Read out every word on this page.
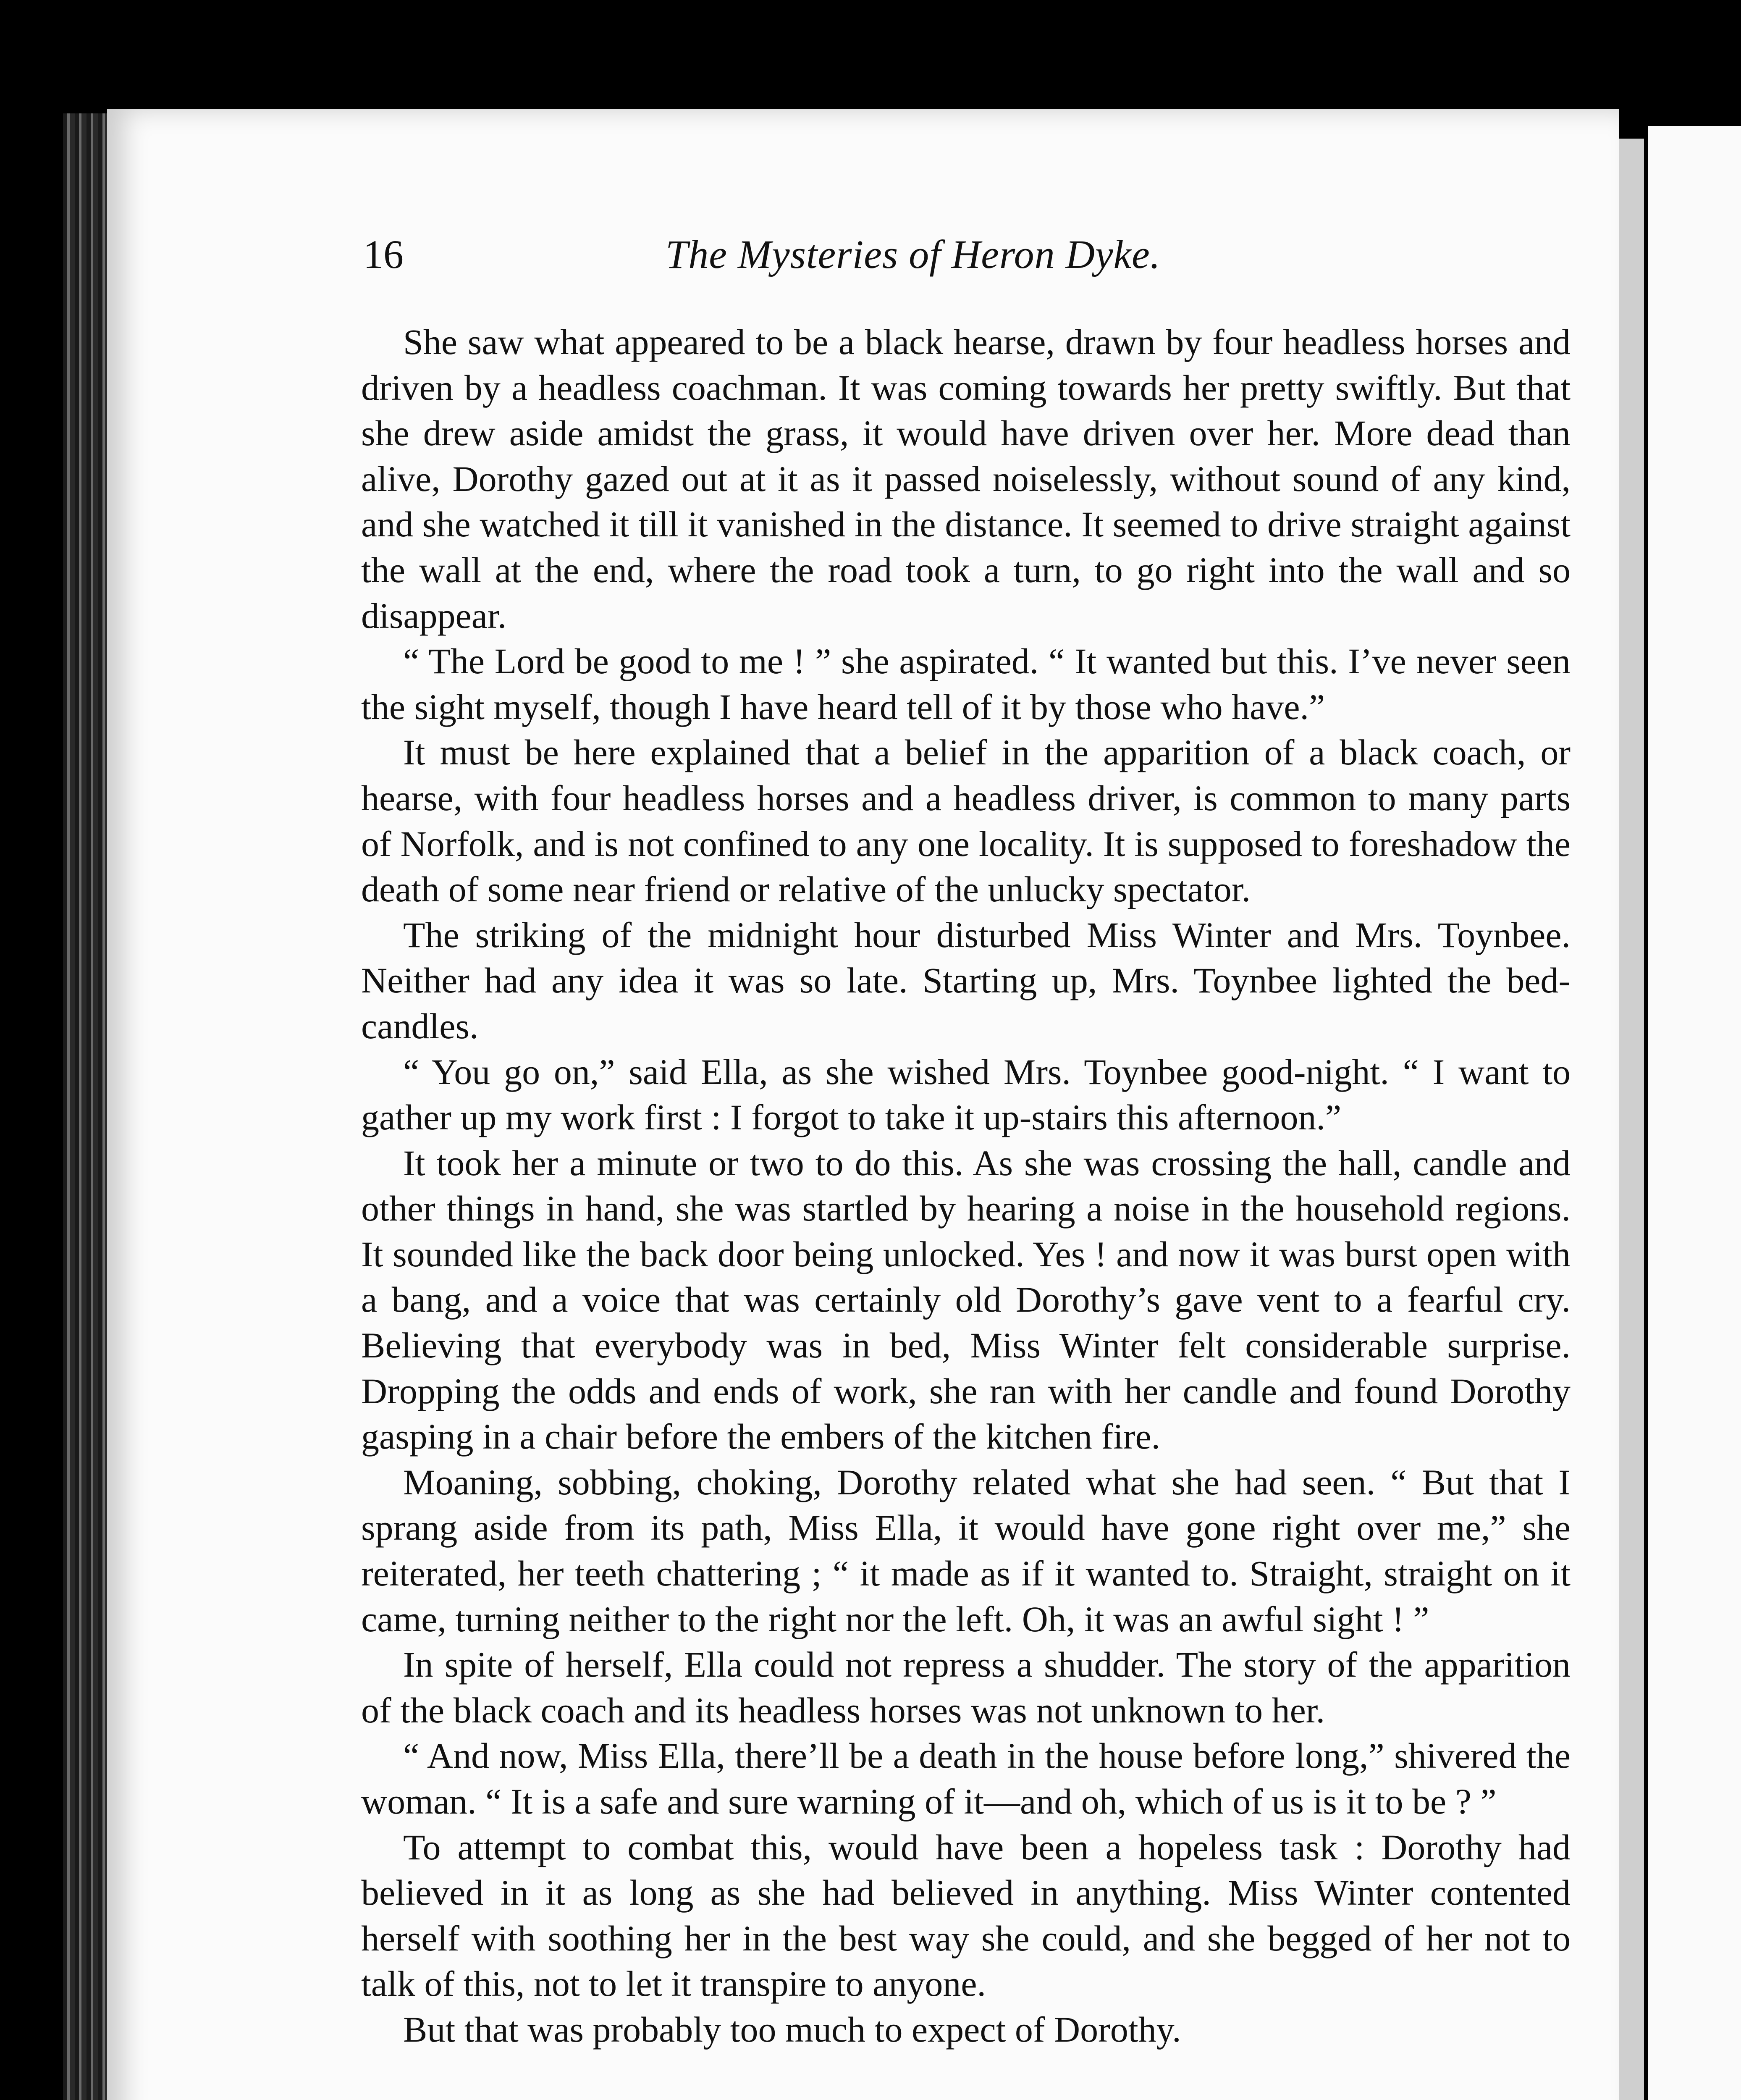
16	The Mysteries of Heron Dyke.

She saw what appeared to be a black hearse, drawn by four headless horses and driven by a headless coachman. It was coming towards her pretty swiftly. But that she drew aside amidst the grass, it would have driven over her. More dead than alive, Dorothy gazed out at it as it passed noiselessly, without sound of any kind, and she watched it till it vanished in the distance. It seemed to drive straight against the wall at the end, where the road took a turn, to go right into the wall and so disappear.

“ The Lord be good to me ! ” she aspirated. “ It wanted but this. I’ve never seen the sight myself, though I have heard tell of it by those who have.”

It must be here explained that a belief in the apparition of a black coach, or hearse, with four headless horses and a headless driver, is common to many parts of Norfolk, and is not confined to any one locality. It is supposed to foreshadow the death of some near friend or relative of the unlucky spectator.

The striking of the midnight hour disturbed Miss Winter and Mrs. Toynbee. Neither had any idea it was so late. Starting up, Mrs. Toynbee lighted the bed-candles.

“ You go on,” said Ella, as she wished Mrs. Toynbee good-night. “ I want to gather up my work first : I forgot to take it up-stairs this afternoon.”

It took her a minute or two to do this. As she was crossing the hall, candle and other things in hand, she was startled by hearing a noise in the household regions. It sounded like the back door being unlocked. Yes ! and now it was burst open with a bang, and a voice that was certainly old Dorothy’s gave vent to a fearful cry. Believing that everybody was in bed, Miss Winter felt considerable surprise. Dropping the odds and ends of work, she ran with her candle and found Dorothy gasping in a chair before the embers of the kitchen fire.

Moaning, sobbing, choking, Dorothy related what she had seen. “ But that I sprang aside from its path, Miss Ella, it would have gone right over me,” she reiterated, her teeth chattering ; “ it made as if it wanted to. Straight, straight on it came, turning neither to the right nor the left. Oh, it was an awful sight ! ”

In spite of herself, Ella could not repress a shudder. The story of the apparition of the black coach and its headless horses was not unknown to her.

“ And now, Miss Ella, there’ll be a death in the house before long,” shivered the woman. “ It is a safe and sure warning of it—and oh, which of us is it to be ? ”

To attempt to combat this, would have been a hopeless task : Dorothy had believed in it as long as she had believed in anything. Miss Winter contented herself with soothing her in the best way she could, and she begged of her not to talk of this, not to let it transpire to anyone.

But that was probably too much to expect of Dorothy.
